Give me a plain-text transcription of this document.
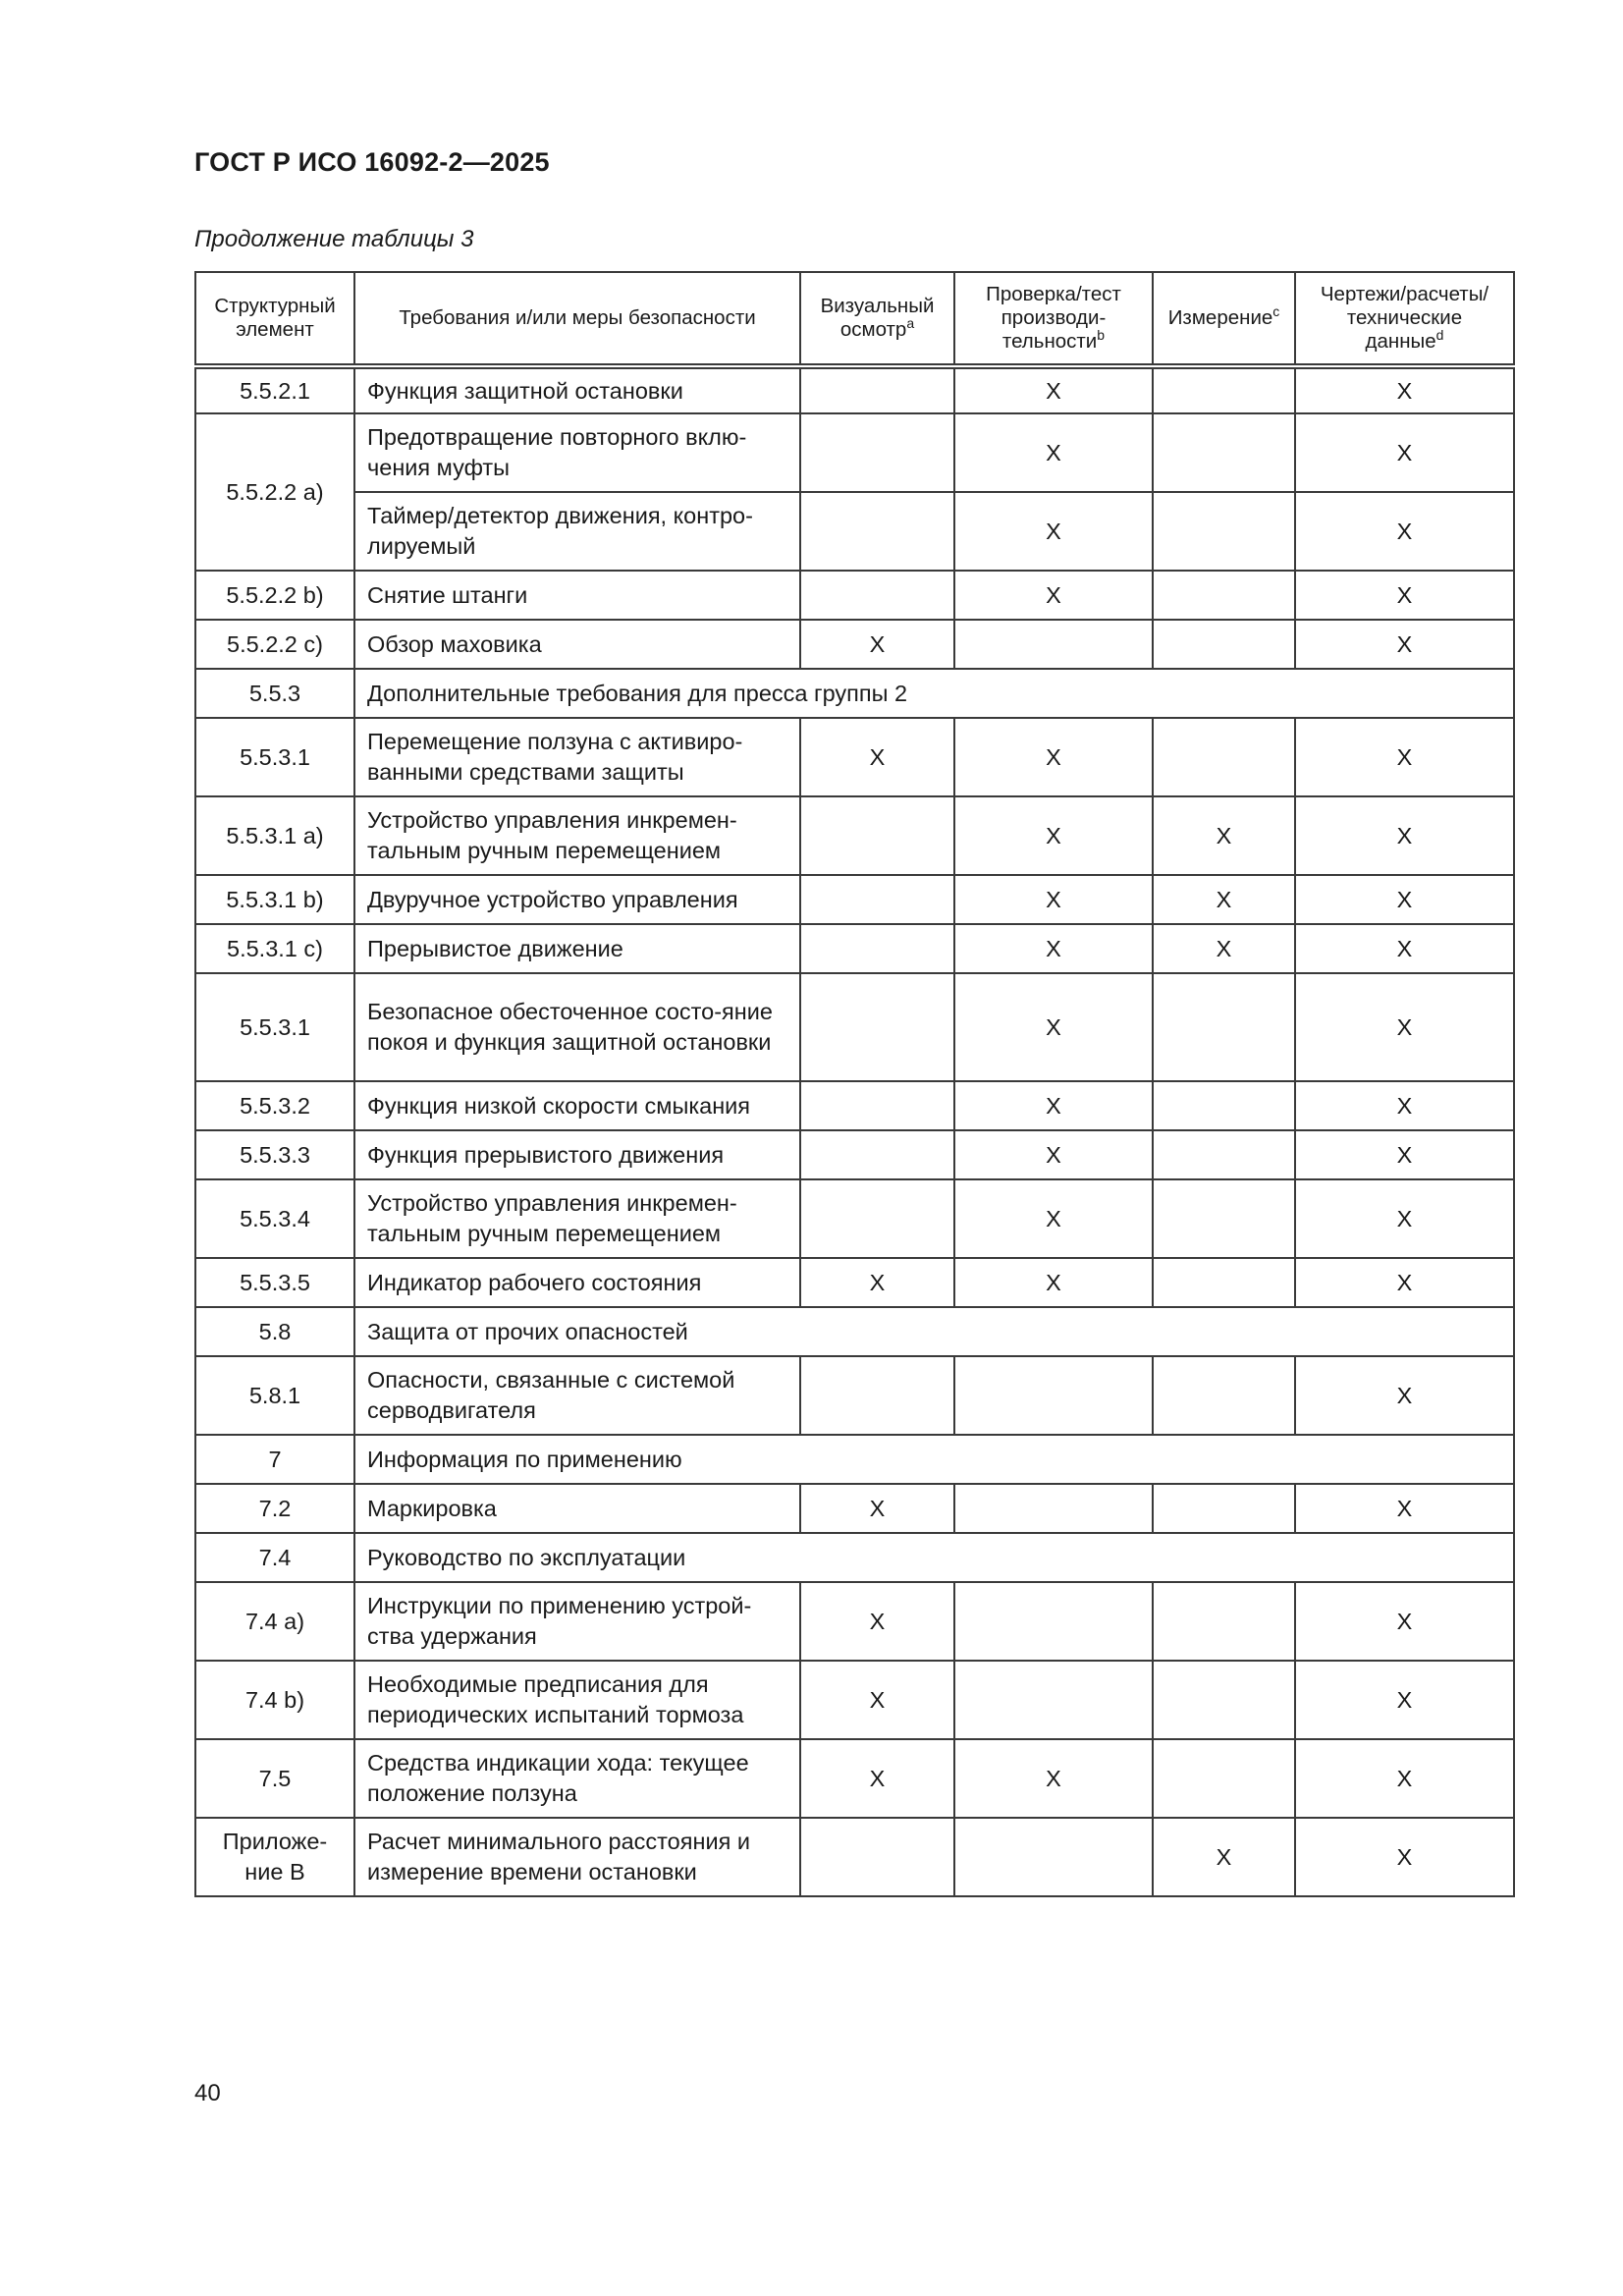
ГОСТ Р ИСО 16092-2—2025
Продолжение таблицы 3
Структурный элемент	Требования и/или меры безопасности	Визуальный осмотр$^a$	Проверка/тест производи-тельности$^b$	Измерение$^c$	Чертежи/расчеты/ технические данные$^d$
5.5.2.1	Функция защитной остановки		X		X
5.5.2.2 a)	Предотвращение повторного вклю-чения муфты		X		X
	Таймер/детектор движения, контро-лируемый		X		X
5.5.2.2 b)	Снятие штанги		X		X
5.5.2.2 c)	Обзор маховика	X			X
5.5.3	Дополнительные требования для пресса группы 2				
5.5.3.1	Перемещение ползуна с активиро-ванными средствами защиты	X	X		X
5.5.3.1 a)	Устройство управления инкремен-тальным ручным перемещением		X	X	X
5.5.3.1 b)	Двуручное устройство управления		X	X	X
5.5.3.1 c)	Прерывистое движение		X	X	X
5.5.3.1	Безопасное обесточенное состо-яние покоя и функция защитной остановки		X		X
5.5.3.2	Функция низкой скорости смыкания		X		X
5.5.3.3	Функция прерывистого движения		X		X
5.5.3.4	Устройство управления инкремен-тальным ручным перемещением		X		X
5.5.3.5	Индикатор рабочего состояния	X	X		X
5.8	Защита от прочих опасностей				
5.8.1	Опасности, связанные с системой серводвигателя				X
7	Информация по применению				
7.2	Маркировка	X			X
7.4	Руководство по эксплуатации				
7.4 a)	Инструкции по применению устрой-ства удержания	X			X
7.4 b)	Необходимые предписания для периодических испытаний тормоза	X			X
7.5	Средства индикации хода: текущее положение ползуна	X	X		X
Приложе-ние B	Расчет минимального расстояния и измерение времени остановки			X	X
40
